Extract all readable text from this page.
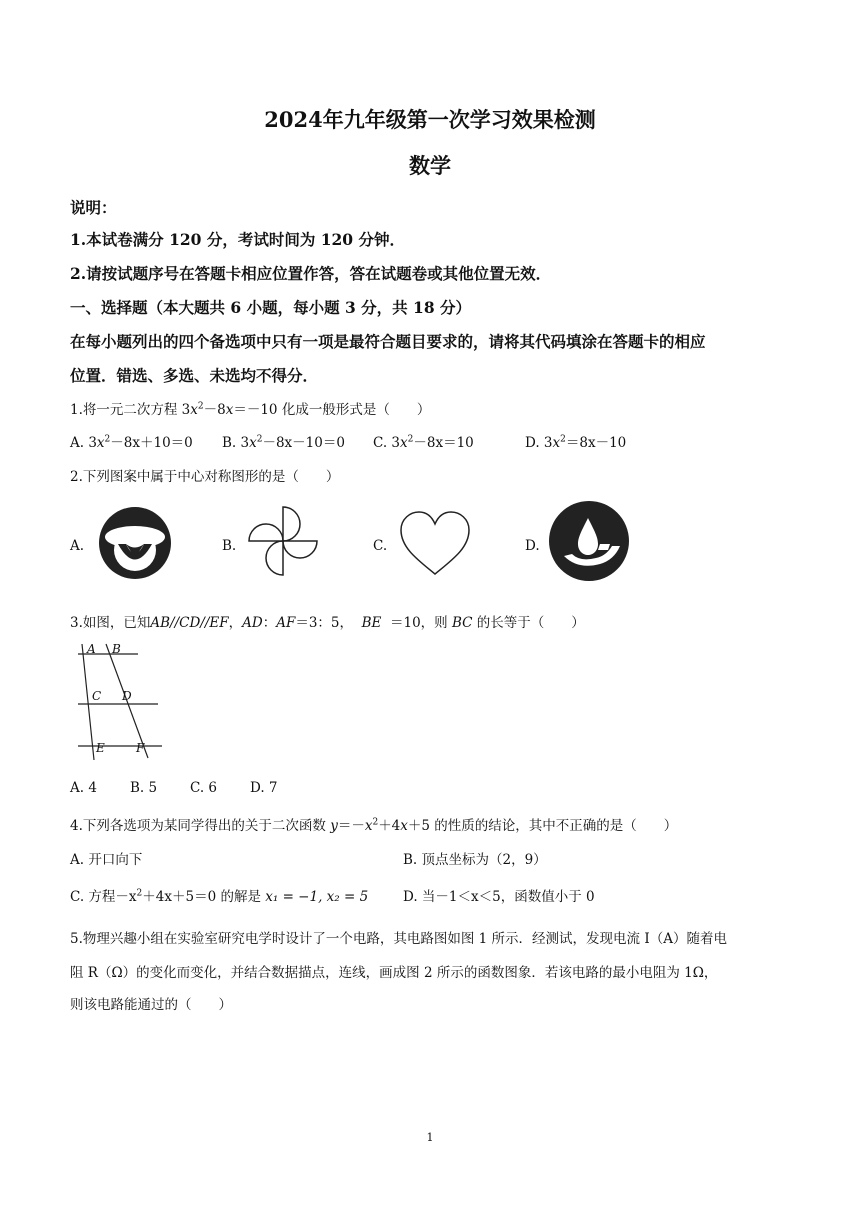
2024年九年级第一次学习效果检测
数学
说明：
1.本试卷满分 120 分，考试时间为 120 分钟．
2.请按试题序号在答题卡相应位置作答，答在试题卷或其他位置无效．
一、选择题（本大题共 6 小题，每小题 3 分，共 18 分）
在每小题列出的四个备选项中只有一项是最符合题目要求的，请将其代码填涂在答题卡的相应
位置．错选、多选、未选均不得分．
1.将一元二次方程 $3x^2-8x=-10$ 化成一般形式是（　　）
A. $3x^2-8x+10=0$ B. $3x^2-8x-10=0$ C. $3x^2-8x=10$	D. $3x^2=8x-10$
2.下列图案中属于中心对称图形的是（　　）
A.	B.	C.	D.
3.如图，已知AB//CD//EF，AD：AF＝3：5， BE ＝10，则 BC 的长等于（　　）
A B
C D
E	F
A. 4 B. 5 C. 6 D. 7
4.下列各选项为某同学得出的关于二次函数 $y=-x^2+4x+5$ 的性质的结论，其中不正确的是（　　）
A. 开口向下	B. 顶点坐标为（2，9）
C. 方程$-x^2+4x+5=0$ 的解是 x₁ = −1, x₂ = 5	D. 当－1＜x＜5，函数值小于 0
5.物理兴趣小组在实验室研究电学时设计了一个电路，其电路图如图 1 所示．经测试，发现电流 I（A）随着电
阻 R（Ω）的变化而变化，并结合数据描点，连线，画成图 2 所示的函数图象．若该电路的最小电阻为 1Ω，
则该电路能通过的（　　）
1
